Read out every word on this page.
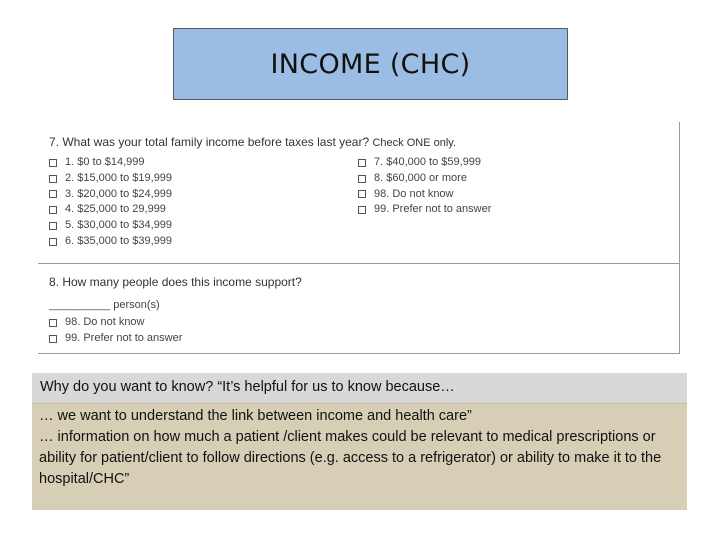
INCOME (CHC)
7. What was your total family income before taxes last year? Check ONE only.
1. $0 to $14,999
2. $15,000 to $19,999
3. $20,000 to $24,999
4. $25,000 to 29,999
5. $30,000 to $34,999
6. $35,000 to $39,999
7. $40,000 to $59,999
8. $60,000 or more
98. Do not know
99. Prefer not to answer
8. How many people does this income support?
__________ person(s)
98. Do not know
99. Prefer not to answer
Why do you want to know? “It’s helpful for us to know because…

… we want to understand the link between income and health care”

… information on how much a patient /client makes could be relevant to medical prescriptions or ability for patient/client to follow directions (e.g. access to a refrigerator) or ability to make it to the hospital/CHC”
